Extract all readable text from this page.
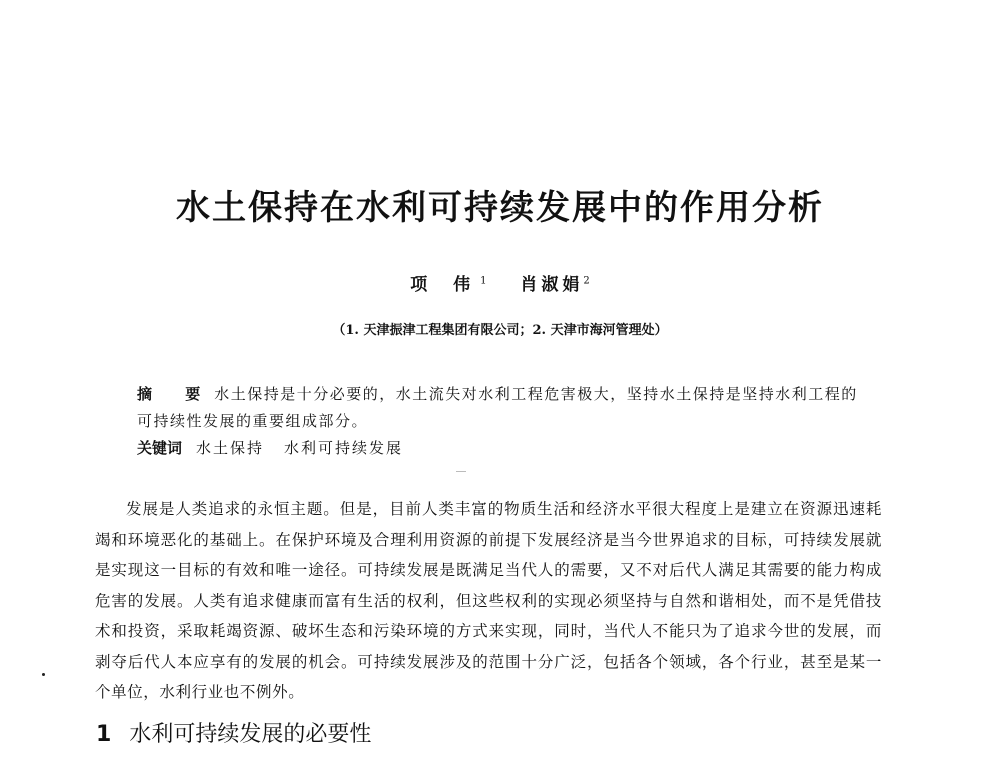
水土保持在水利可持续发展中的作用分析
项 伟$^1$ 肖淑娟$^2$
（1. 天津振津工程集团有限公司；2. 天津市海河管理处）
摘 要水土保持是十分必要的，水土流失对水利工程危害极大，坚持水土保持是坚持水利工程的可持续性发展的重要组成部分。
关键词 水土保持 水利可持续发展

发展是人类追求的永恒主题。但是，目前人类丰富的物质生活和经济水平很大程度上是建立在资源迅速耗竭和环境恶化的基础上。在保护环境及合理利用资源的前提下发展经济是当今世界追求的目标，可持续发展就是实现这一目标的有效和唯一途径。可持续发展是既满足当代人的需要，又不对后代人满足其需要的能力构成危害的发展。人类有追求健康而富有生活的权利，但这些权利的实现必须坚持与自然和谐相处，而不是凭借技术和投资，采取耗竭资源、破坏生态和污染环境的方式来实现，同时，当代人不能只为了追求今世的发展，而剥夺后代人本应享有的发展的机会。可持续发展涉及的范围十分广泛，包括各个领域，各个行业，甚至是某一个单位，水利行业也不例外。

1 水利可持续发展的必要性
